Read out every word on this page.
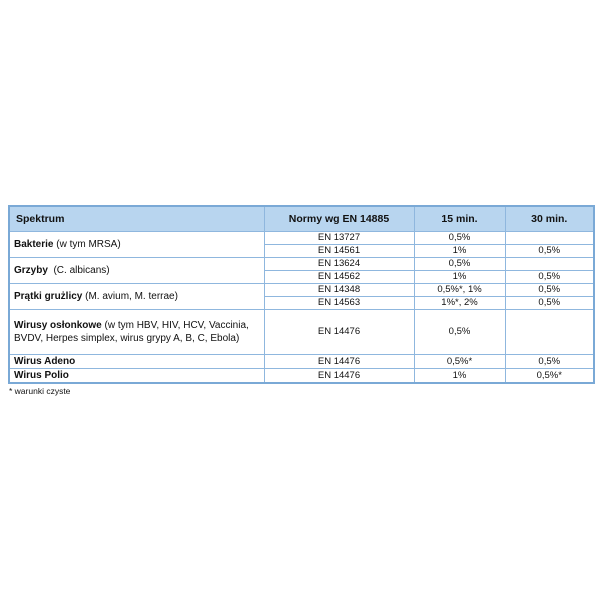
Spektrum	Normy wg EN 14885	15 min.	30 min.
Bakterie (w tym MRSA)	EN 13727	0,5%	
	EN 14561	1%	0,5%
Grzyby  (C. albicans)	EN 13624	0,5%	
	EN 14562	1%	0,5%
Prątki grużlicy (M. avium, M. terrae)	EN 14348	0,5%*, 1%	0,5%
	EN 14563	1%*, 2%	0,5%
Wirusy osłonkowe (w tym HBV, HIV, HCV, Vaccinia, BVDV, Herpes simplex, wirus grypy A, B, C, Ebola)	EN 14476	0,5%	
Wirus Adeno	EN 14476	0,5%*	0,5%
Wirus Polio	EN 14476	1%	0,5%*
* warunki czyste
